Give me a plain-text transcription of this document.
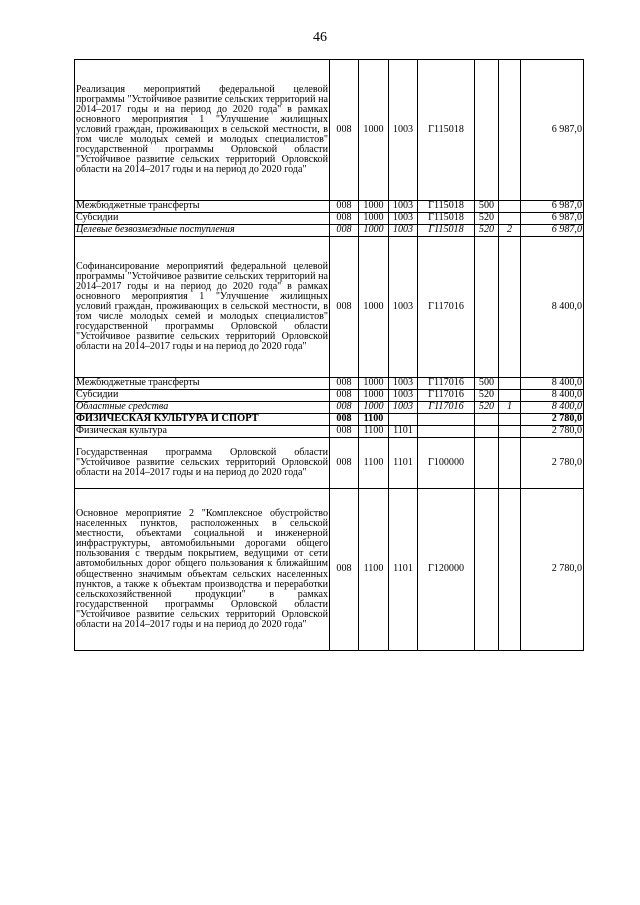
46
Реализация мероприятий федеральной целевой программы "Устойчивое развитие сельских территорий на 2014–2017 годы и на период до 2020 года" в рамках основного мероприятия 1 "Улучшение жилищных условий граждан, проживающих в сельской местности, в том числе молодых семей и молодых специалистов" государственной программы Орловской области "Устойчивое развитие сельских территорий Орловской области на 2014–2017 годы и на период до 2020 года"	008	1000	1003	Г115018			6 987,0
Межбюджетные трансферты	008	1000	1003	Г115018	500		6 987,0
Субсидии	008	1000	1003	Г115018	520		6 987,0
Целевые безвозмездные поступления	008	1000	1003	Г115018	520	2	6 987,0
Софинансирование мероприятий федеральной целевой программы "Устойчивое развитие сельских территорий на 2014–2017 годы и на период до 2020 года" в рамках основного мероприятия 1 "Улучшение жилищных условий граждан, проживающих в сельской местности, в том числе молодых семей и молодых специалистов" государственной программы Орловской области "Устойчивое развитие сельских территорий Орловской области на 2014–2017 годы и на период до 2020 года"	008	1000	1003	Г117016			8 400,0
Межбюджетные трансферты	008	1000	1003	Г117016	500		8 400,0
Субсидии	008	1000	1003	Г117016	520		8 400,0
Областные средства	008	1000	1003	Г117016	520	1	8 400,0
ФИЗИЧЕСКАЯ КУЛЬТУРА И СПОРТ	008	1100					2 780,0
Физическая культура	008	1100	1101				2 780,0
Государственная программа Орловской области "Устойчивое развитие сельских территорий Орловской области на 2014–2017 годы и на период до 2020 года"	008	1100	1101	Г100000			2 780,0
Основное мероприятие 2 "Комплексное обустройство населенных пунктов, расположенных в сельской местности, объектами социальной и инженерной инфраструктуры, автомобильными дорогами общего пользования с твердым покрытием, ведущими от сети автомобильных дорог общего пользования к ближайшим общественно значимым объектам сельских населенных пунктов, а также к объектам производства и переработки сельскохозяйственной продукции" в рамках государственной программы Орловской области "Устойчивое развитие сельских территорий Орловской области на 2014–2017 годы и на период до 2020 года"	008	1100	1101	Г120000			2 780,0
